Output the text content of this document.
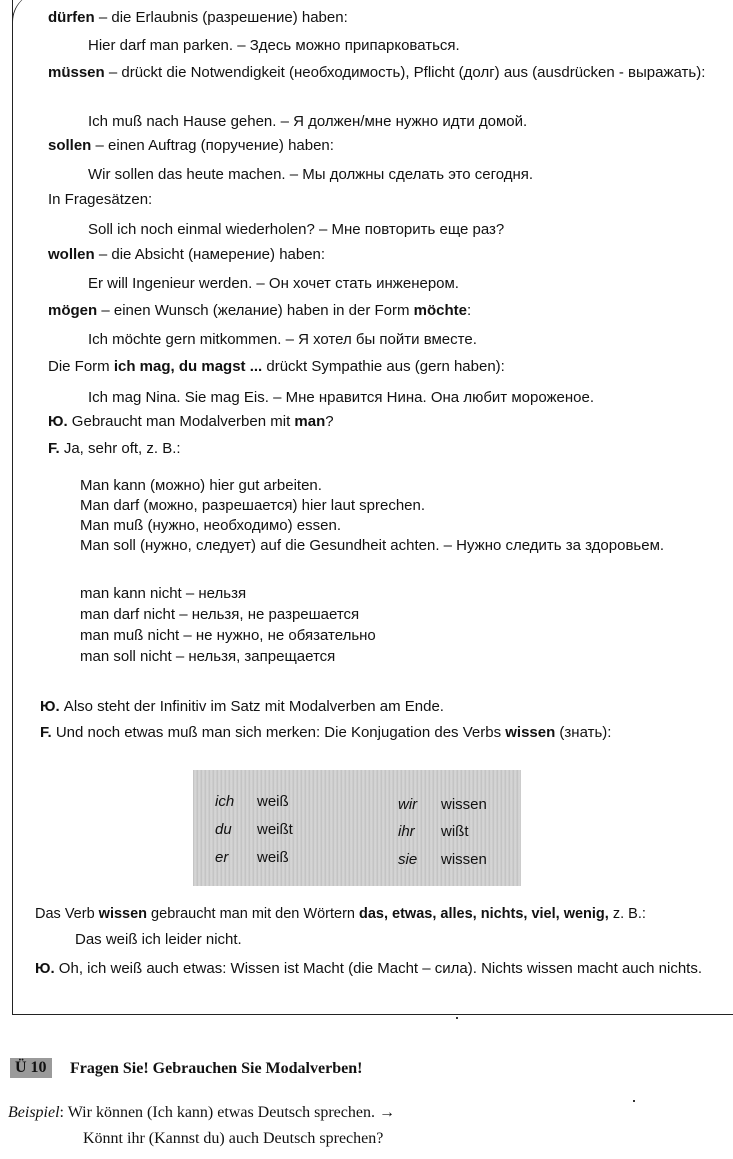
dürfen – die Erlaubnis (разрешение) haben:
Hier darf man parken. – Здесь можно припарковаться.
müssen – drückt die Notwendigkeit (необходимость), Pflicht (долг) aus (ausdrücken - выражать):
Ich muß nach Hause gehen. – Я должен/мне нужно идти домой.
sollen – einen Auftrag (поручение) haben:
Wir sollen das heute machen. – Мы должны сделать это сегодня.
In Fragesätzen:
Soll ich noch einmal wiederholen? – Мне повторить еще раз?
wollen – die Absicht (намерение) haben:
Er will Ingenieur werden. – Он хочет стать инженером.
mögen – einen Wunsch (желание) haben in der Form möchte:
Ich möchte gern mitkommen. – Я хотел бы пойти вместе.
Die Form ich mag, du magst ... drückt Sympathie aus (gern haben):
Ich mag Nina. Sie mag Eis. – Мне нравится Нина. Она любит мороженое.
Ю. Gebraucht man Modalverben mit man?
F. Ja, sehr oft, z. B.:
Man kann (можно) hier gut arbeiten.
Man darf (можно, разрешается) hier laut sprechen.
Man muß (нужно, необходимо) essen.
Man soll (нужно, следует) auf die Gesundheit achten. – Нужно следить за здоровьем.
man kann nicht – нельзя
man darf nicht – нельзя, не разрешается
man muß nicht – не нужно, не обязательно
man soll nicht – нельзя, запрещается
Ю. Also steht der Infinitiv im Satz mit Modalverben am Ende.
F. Und noch etwas muß man sich merken: Die Konjugation des Verbs wissen (знать):
ich weiß
du weißt
er weiß
wir wissen
ihr wißt
sie wissen
Das Verb wissen gebraucht man mit den Wörtern das, etwas, alles, nichts, viel, wenig, z. B.:
Das weiß ich leider nicht.
Ю. Oh, ich weiß auch etwas: Wissen ist Macht (die Macht – сила). Nichts wissen macht auch nichts.
Ü 10	Fragen Sie! Gebrauchen Sie Modalverben!
Beispiel: Wir können (Ich kann) etwas Deutsch sprechen. →
Könnt ihr (Kannst du) auch Deutsch sprechen?
